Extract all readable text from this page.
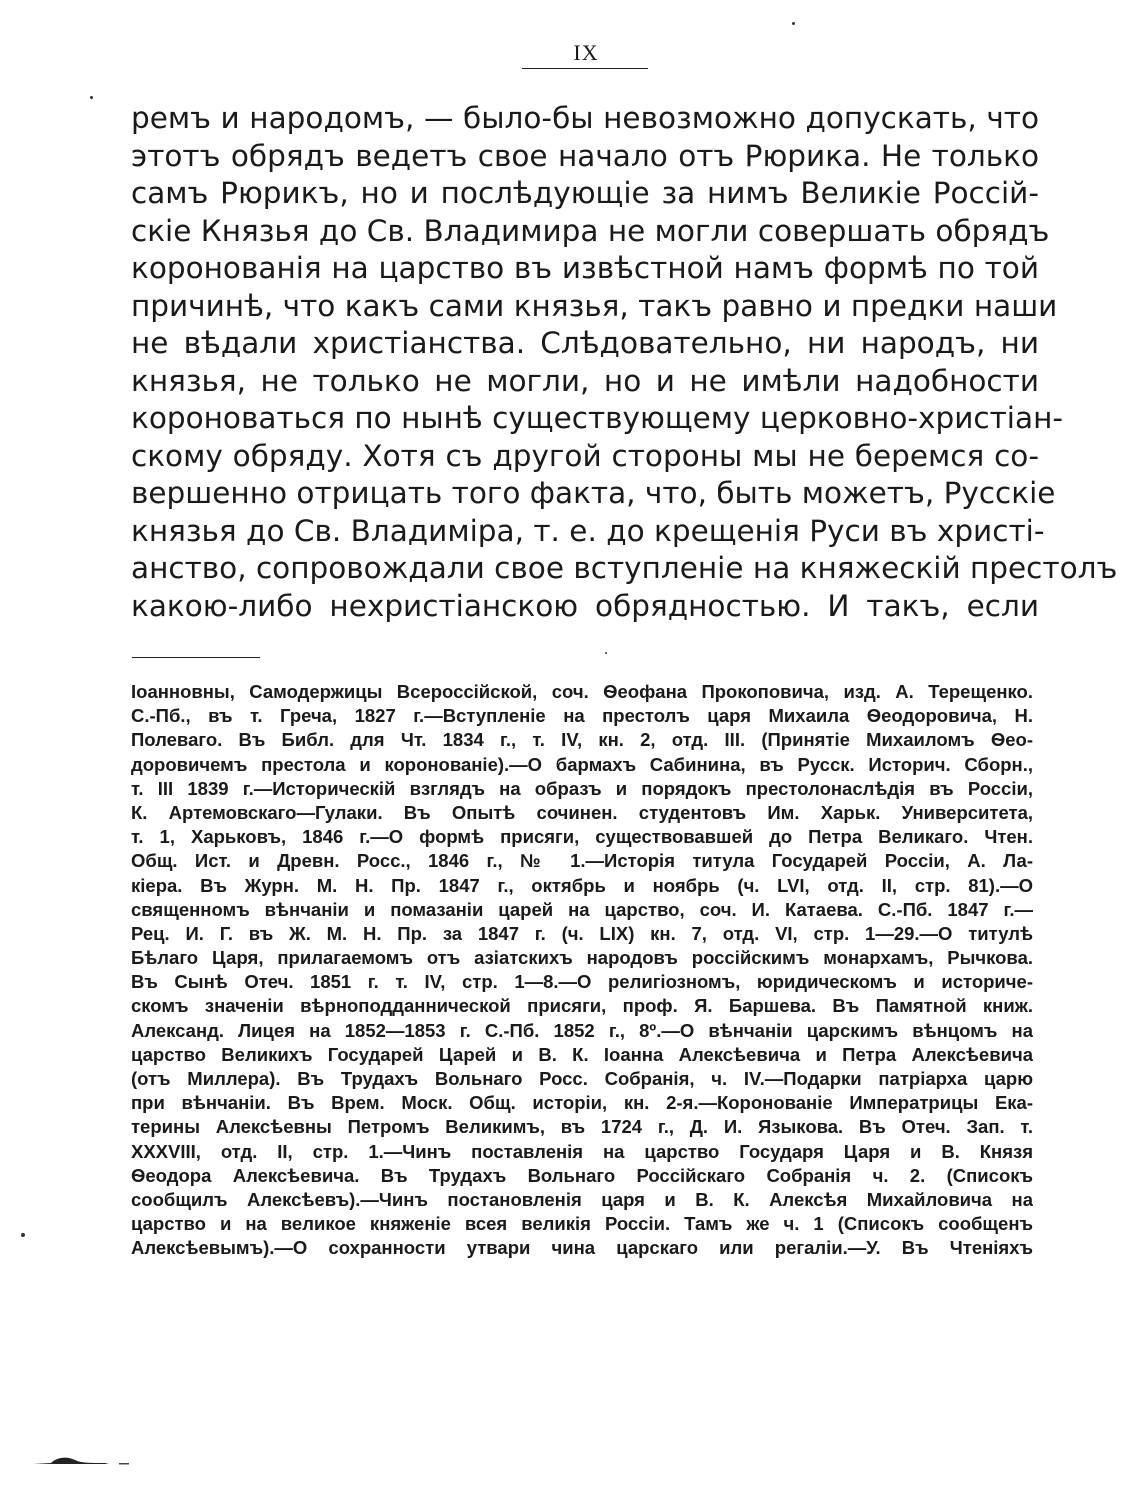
IX
ремъ и народомъ, — было-бы невозможно допускать, что
этотъ обрядъ ведетъ свое начало отъ Рюрика. Не только
самъ Рюрикъ, но и послѣдующіе за нимъ Великіе Россій-
скіе Князья до Св. Владимира не могли совершать обрядъ
коронованія на царство въ извѣстной намъ формѣ по той
причинѣ, что какъ сами князья, такъ равно и предки наши
не вѣдали христіанства. Слѣдовательно, ни народъ, ни
князья, не только не могли, но и не имѣли надобности
короноваться по нынѣ существующему церковно-христіан-
скому обряду. Хотя съ другой стороны мы не беремся со-
вершенно отрицать того факта, что, быть можетъ, Русскіе
князья до Св. Владиміра, т. е. до крещенія Руси въ христі-
анство, сопровождали свое вступленіе на княжескій престолъ
какою-либо нехристіанскою обрядностью. И такъ, если
Іоанновны, Самодержицы Всероссійской, соч. Ѳеофана Прокоповича, изд. А. Терещенко.
С.-Пб., въ т. Греча, 1827 г.—Вступленіе на престолъ царя Михаила Ѳеодоровича, Н.
Полеваго. Въ Библ. для Чт. 1834 г., т. IV, кн. 2, отд. III. (Принятіе Михаиломъ Ѳео-
доровичемъ престола и коронованіе).—О бармахъ Сабинина, въ Русск. Историч. Сборн.,
т. III 1839 г.—Историческій взглядъ на образъ и порядокъ престолонаслѣдія въ Россіи,
К. Артемовскаго—Гулаки. Въ Опытѣ сочинен. студентовъ Им. Харьк. Университета,
т. 1, Харьковъ, 1846 г.—О формѣ присяги, существовавшей до Петра Великаго. Чтен.
Общ. Ист. и Древн. Росс., 1846 г., № 1.—Исторія титула Государей Россіи, А. Ла-
кіера. Въ Журн. М. Н. Пр. 1847 г., октябрь и ноябрь (ч. LVI, отд. II, стр. 81).—О
священномъ вѣнчаніи и помазаніи царей на царство, соч. И. Катаева. С.-Пб. 1847 г.—
Рец. И. Г. въ Ж. М. Н. Пр. за 1847 г. (ч. LIX) кн. 7, отд. VI, стр. 1—29.—О титулѣ
Бѣлаго Царя, прилагаемомъ отъ азіатскихъ народовъ россійскимъ монархамъ, Рычкова.
Въ Сынѣ Отеч. 1851 г. т. IV, стр. 1—8.—О религіозномъ, юридическомъ и историче-
скомъ значеніи вѣрноподданнической присяги, проф. Я. Баршева. Въ Памятной книж.
Александ. Лицея на 1852—1853 г. С.-Пб. 1852 г., 8º.—О вѣнчаніи царскимъ вѣнцомъ на
царство Великихъ Государей Царей и В. К. Іоанна Алексѣевича и Петра Алексѣевича
(отъ Миллера). Въ Трудахъ Вольнаго Росс. Собранія, ч. IV.—Подарки патріарха царю
при вѣнчаніи. Въ Врем. Моск. Общ. исторіи, кн. 2-я.—Коронованіе Императрицы Ека-
терины Алексѣевны Петромъ Великимъ, въ 1724 г., Д. И. Языкова. Въ Отеч. Зап. т.
XXXVIII, отд. II, стр. 1.—Чинъ поставленія на царство Государя Царя и В. Князя
Ѳеодора Алексѣевича. Въ Трудахъ Вольнаго Россійскаго Собранія ч. 2. (Списокъ
сообщилъ Алексѣевъ).—Чинъ постановленія царя и В. К. Алексѣя Михайловича на
царство и на великое княженіе всея великія Россіи. Тамъ же ч. 1 (Списокъ сообщенъ
Алексѣевымъ).—О сохранности утвари чина царскаго или регаліи.—У. Въ Чтеніяхъ
